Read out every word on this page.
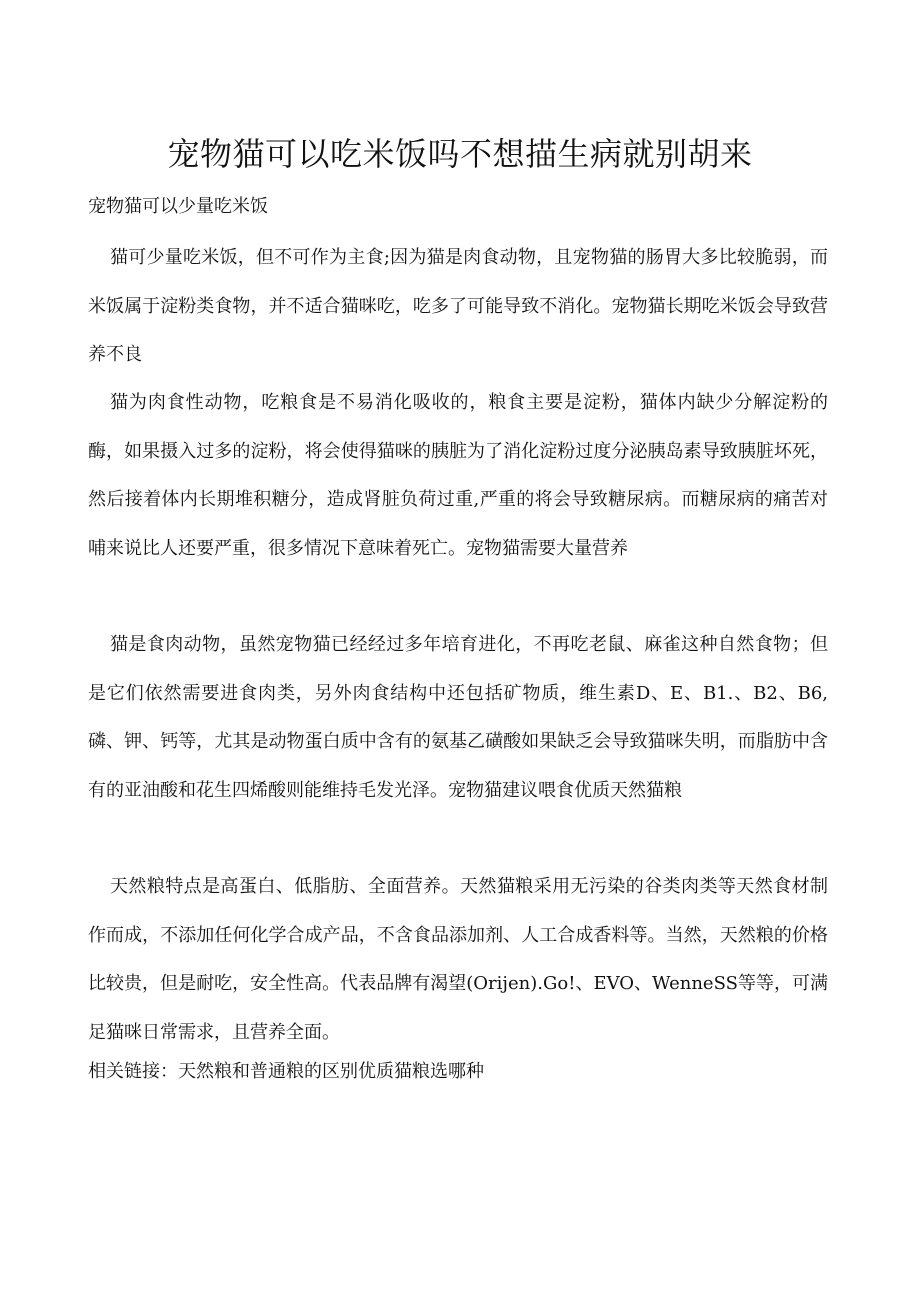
宠物猫可以吃米饭吗不想描生病就别胡来

宠物猫可以少量吃米饭

猫可少量吃米饭，但不可作为主食;因为猫是肉食动物，且宠物猫的肠胃大多比较脆弱，而米饭属于淀粉类食物，并不适合猫咪吃，吃多了可能导致不消化。宠物猫长期吃米饭会导致营养不良

猫为肉食性动物，吃粮食是不易消化吸收的，粮食主要是淀粉，猫体内缺少分解淀粉的酶，如果摄入过多的淀粉，将会使得猫咪的胰脏为了消化淀粉过度分泌胰岛素导致胰脏坏死，然后接着体内长期堆积糖分，造成肾脏负荷过重,严重的将会导致糖尿病。而糖尿病的痛苦对哺来说比人还要严重，很多情况下意味着死亡。宠物猫需要大量营养

猫是食肉动物，虽然宠物猫已经经过多年培育进化，不再吃老鼠、麻雀这种自然食物；但是它们依然需要进食肉类，另外肉食结构中还包括矿物质，维生素D、E、B1.、B2、B6,磷、钾、钙等，尤其是动物蛋白质中含有的氨基乙磺酸如果缺乏会导致猫咪失明，而脂肪中含有的亚油酸和花生四烯酸则能维持毛发光泽。宠物猫建议喂食优质天然猫粮

天然粮特点是高蛋白、低脂肪、全面营养。天然猫粮采用无污染的谷类肉类等天然食材制作而成，不添加任何化学合成产品，不含食品添加剂、人工合成香料等。当然，天然粮的价格比较贵，但是耐吃，安全性高。代表品牌有渴望(Orijen).Go!、EVO、WenneSS等等，可满足猫咪日常需求，且营养全面。

相关链接：天然粮和普通粮的区别优质猫粮选哪种
